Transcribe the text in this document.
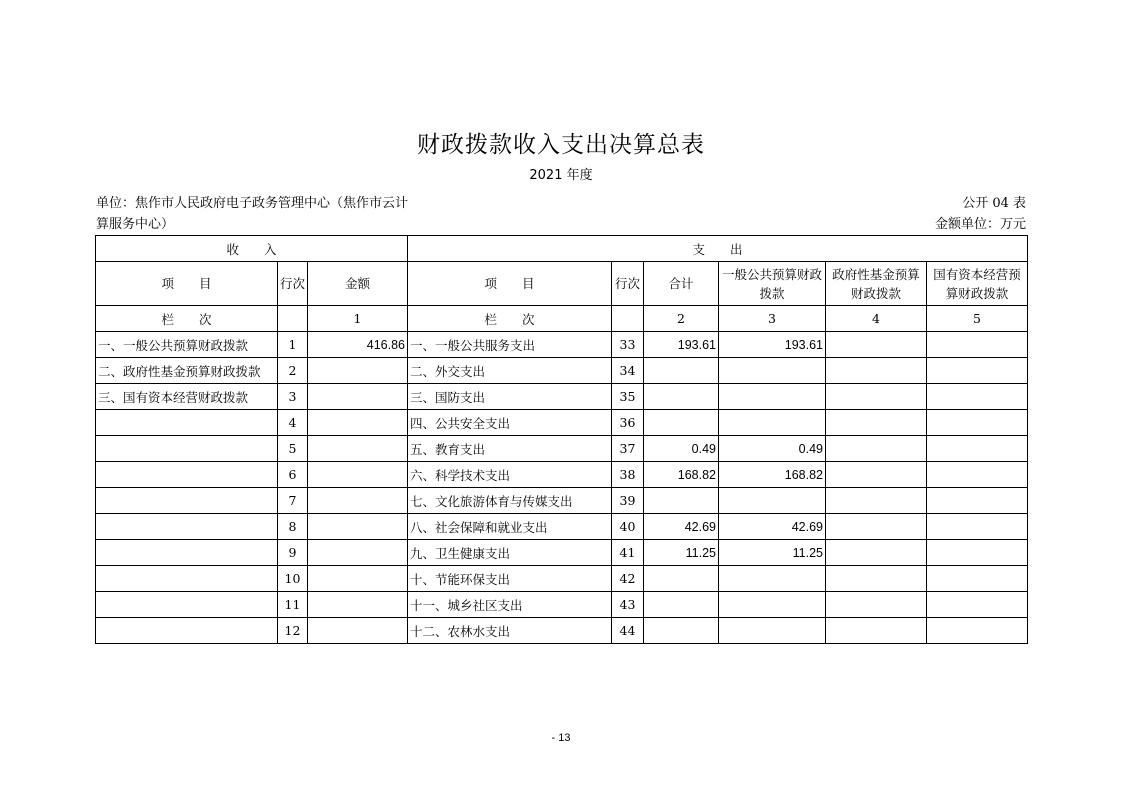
财政拨款收入支出决算总表
2021 年度
单位：焦作市人民政府电子政务管理中心（焦作市云计算服务中心）
公开 04 表
金额单位：万元
收　　入			支　　出					
项　　目	行次	金额	项　　目	行次	合计	一般公共预算财政拨款	政府性基金预算财政拨款	国有资本经营预算财政拨款
栏　　次		1	栏　　次		2	3	4	5
一、一般公共预算财政拨款	1	416.86	一、一般公共服务支出	33	193.61	193.61		
二、政府性基金预算财政拨款	2		二、外交支出	34				
三、国有资本经营财政拨款	3		三、国防支出	35				
	4		四、公共安全支出	36				
	5		五、教育支出	37	0.49	0.49		
	6		六、科学技术支出	38	168.82	168.82		
	7		七、文化旅游体育与传媒支出	39				
	8		八、社会保障和就业支出	40	42.69	42.69		
	9		九、卫生健康支出	41	11.25	11.25		
	10		十、节能环保支出	42				
	11		十一、城乡社区支出	43				
	12		十二、农林水支出	44				
- 13
